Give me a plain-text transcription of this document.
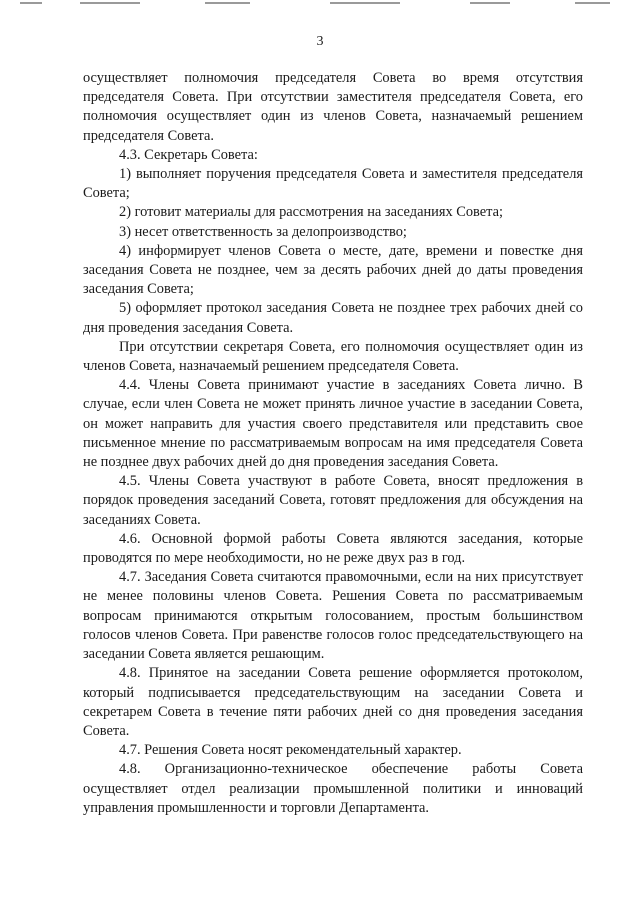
3

осуществляет полномочия председателя Совета во время отсутствия председателя Совета. При отсутствии заместителя председателя Совета, его полномочия осуществляет один из членов Совета, назначаемый решением председателя Совета.

4.3. Секретарь Совета:

1) выполняет поручения председателя Совета и заместителя председателя Совета;

2) готовит материалы для рассмотрения на заседаниях Совета;

3) несет ответственность за делопроизводство;

4) информирует членов Совета о месте, дате, времени и повестке дня заседания Совета не позднее, чем за десять рабочих дней до даты проведения заседания Совета;

5) оформляет протокол заседания Совета не позднее трех рабочих дней со дня проведения заседания Совета.

При отсутствии секретаря Совета, его полномочия осуществляет один из членов Совета, назначаемый решением председателя Совета.

4.4. Члены Совета принимают участие в заседаниях Совета лично. В случае, если член Совета не может принять личное участие в заседании Совета, он может направить для участия своего представителя или представить свое письменное мнение по рассматриваемым вопросам на имя председателя Совета не позднее двух рабочих дней до дня проведения заседания Совета.

4.5. Члены Совета участвуют в работе Совета, вносят предложения в порядок проведения заседаний Совета, готовят предложения для обсуждения на заседаниях Совета.

4.6. Основной формой работы Совета являются заседания, которые проводятся по мере необходимости, но не реже двух раз в год.

4.7. Заседания Совета считаются правомочными, если на них присутствует не менее половины членов Совета. Решения Совета по рассматриваемым вопросам принимаются открытым голосованием, простым большинством голосов членов Совета. При равенстве голосов голос председательствующего на заседании Совета является решающим.

4.8. Принятое на заседании Совета решение оформляется протоколом, который подписывается председательствующим на заседании Совета и секретарем Совета в течение пяти рабочих дней со дня проведения заседания Совета.

4.7. Решения Совета носят рекомендательный характер.

4.8. Организационно-техническое обеспечение работы Совета осуществляет отдел реализации промышленной политики и инноваций управления промышленности и торговли Департамента.
